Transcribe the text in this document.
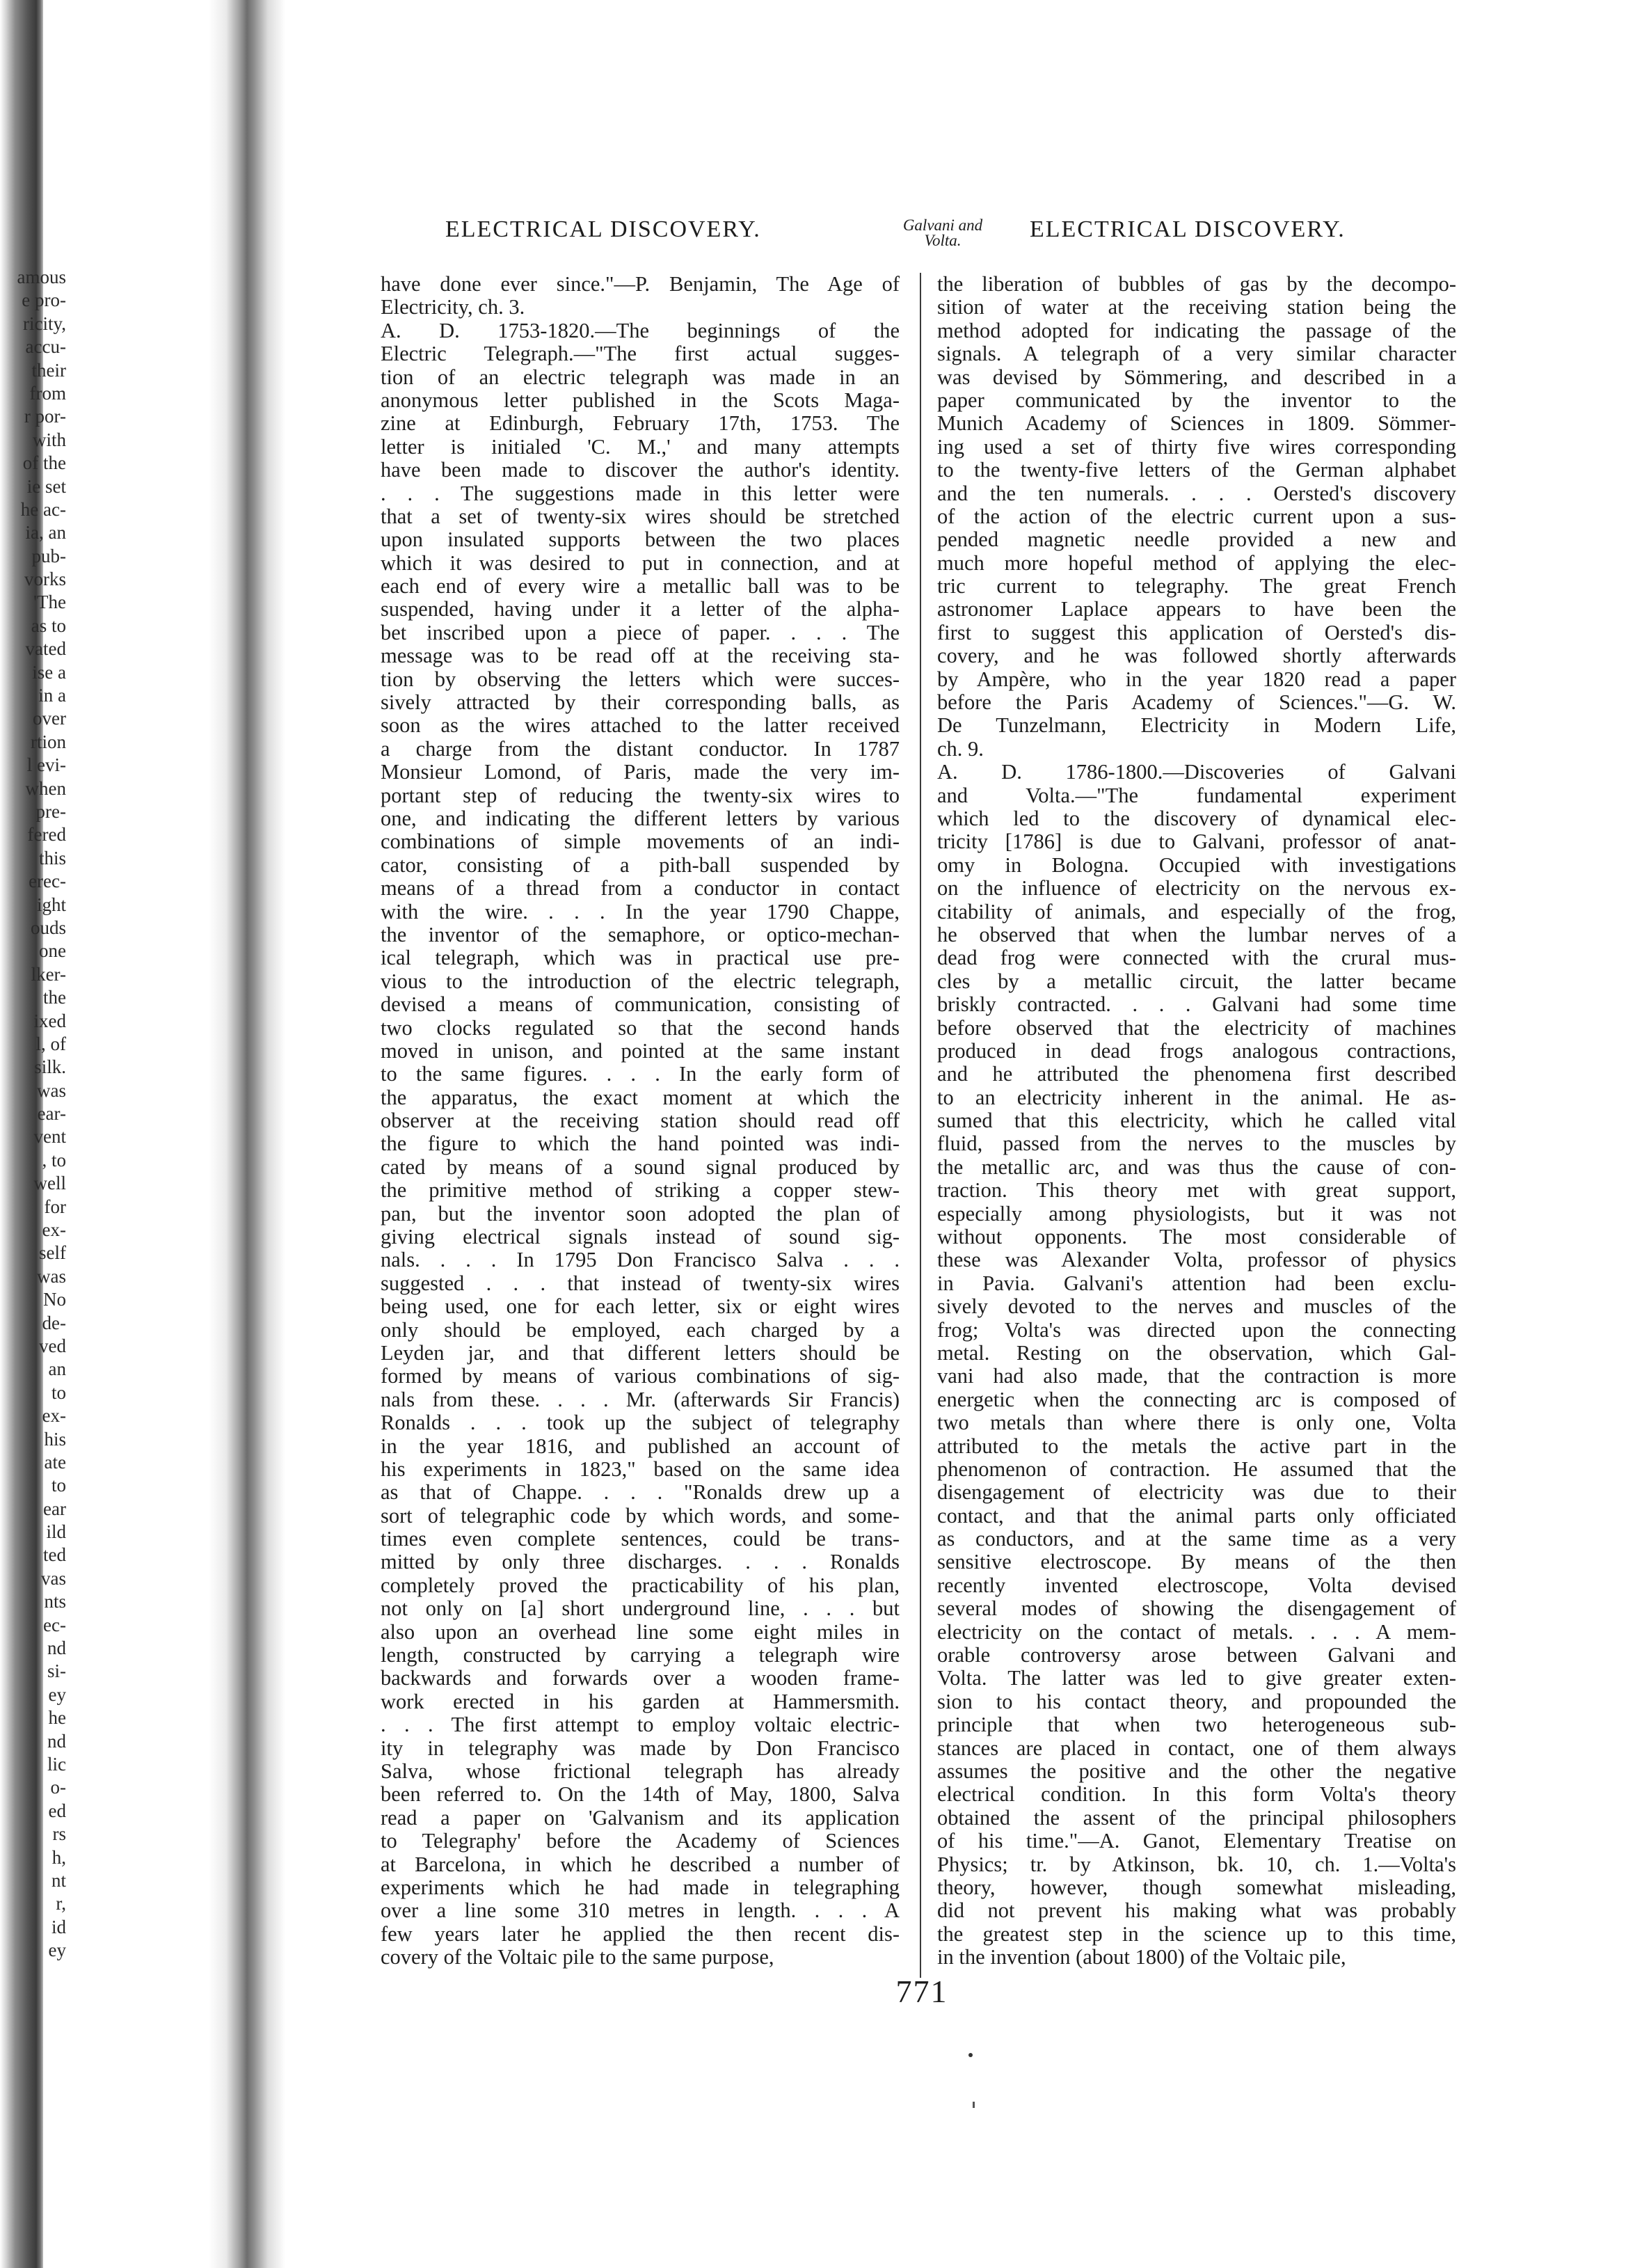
amous
e pro-
ricity,
accu-
their
from
r por-
with
of the
ie set
he ac-
ia, an
pub-
vorks
'The
as to
vated
ise a
in a
over
rtion
l evi-
when
pre-
fered
this
erec-
ight
ouds
one
lker-
the
ixed
l, of
silk.
was
ear-
vent
, to
well
for
ex-
self
was
No
de-
ved
an
to
ex-
his
ate
to
ear
ild
ted
vas
nts
ec-
nd
si-
ey
he
nd
lic
o-
ed
rs
h,
nt
r,
id
ey
ELECTRICAL DISCOVERY.	Galvani and
Volta.	ELECTRICAL DISCOVERY.
have done ever since."—P. Benjamin, The Age of
Electricity, ch. 3.
A. D. 1753-1820.—The beginnings of the
Electric Telegraph.—"The first actual sugges-
tion of an electric telegraph was made in an
anonymous letter published in the Scots Maga-
zine at Edinburgh, February 17th, 1753. The
letter is initialed 'C. M.,' and many attempts
have been made to discover the author's identity.
. . . The suggestions made in this letter were
that a set of twenty-six wires should be stretched
upon insulated supports between the two places
which it was desired to put in connection, and at
each end of every wire a metallic ball was to be
suspended, having under it a letter of the alpha-
bet inscribed upon a piece of paper. . . . The
message was to be read off at the receiving sta-
tion by observing the letters which were succes-
sively attracted by their corresponding balls, as
soon as the wires attached to the latter received
a charge from the distant conductor. In 1787
Monsieur Lomond, of Paris, made the very im-
portant step of reducing the twenty-six wires to
one, and indicating the different letters by various
combinations of simple movements of an indi-
cator, consisting of a pith-ball suspended by
means of a thread from a conductor in contact
with the wire. . . . In the year 1790 Chappe,
the inventor of the semaphore, or optico-mechan-
ical telegraph, which was in practical use pre-
vious to the introduction of the electric telegraph,
devised a means of communication, consisting of
two clocks regulated so that the second hands
moved in unison, and pointed at the same instant
to the same figures. . . . In the early form of
the apparatus, the exact moment at which the
observer at the receiving station should read off
the figure to which the hand pointed was indi-
cated by means of a sound signal produced by
the primitive method of striking a copper stew-
pan, but the inventor soon adopted the plan of
giving electrical signals instead of sound sig-
nals. . . . In 1795 Don Francisco Salva . . .
suggested . . . that instead of twenty-six wires
being used, one for each letter, six or eight wires
only should be employed, each charged by a
Leyden jar, and that different letters should be
formed by means of various combinations of sig-
nals from these. . . . Mr. (afterwards Sir Francis)
Ronalds . . . took up the subject of telegraphy
in the year 1816, and published an account of
his experiments in 1823," based on the same idea
as that of Chappe. . . . "Ronalds drew up a
sort of telegraphic code by which words, and some-
times even complete sentences, could be trans-
mitted by only three discharges. . . . Ronalds
completely proved the practicability of his plan,
not only on [a] short underground line, . . . but
also upon an overhead line some eight miles in
length, constructed by carrying a telegraph wire
backwards and forwards over a wooden frame-
work erected in his garden at Hammersmith.
. . . The first attempt to employ voltaic electric-
ity in telegraphy was made by Don Francisco
Salva, whose frictional telegraph has already
been referred to. On the 14th of May, 1800, Salva
read a paper on 'Galvanism and its application
to Telegraphy' before the Academy of Sciences
at Barcelona, in which he described a number of
experiments which he had made in telegraphing
over a line some 310 metres in length. . . . A
few years later he applied the then recent dis-
covery of the Voltaic pile to the same purpose,
the liberation of bubbles of gas by the decompo-
sition of water at the receiving station being the
method adopted for indicating the passage of the
signals. A telegraph of a very similar character
was devised by Sömmering, and described in a
paper communicated by the inventor to the
Munich Academy of Sciences in 1809. Sömmer-
ing used a set of thirty five wires corresponding
to the twenty-five letters of the German alphabet
and the ten numerals. . . . Oersted's discovery
of the action of the electric current upon a sus-
pended magnetic needle provided a new and
much more hopeful method of applying the elec-
tric current to telegraphy. The great French
astronomer Laplace appears to have been the
first to suggest this application of Oersted's dis-
covery, and he was followed shortly afterwards
by Ampère, who in the year 1820 read a paper
before the Paris Academy of Sciences."—G. W.
De Tunzelmann, Electricity in Modern Life,
ch. 9.
A. D. 1786-1800.—Discoveries of Galvani
and Volta.—"The fundamental experiment
which led to the discovery of dynamical elec-
tricity [1786] is due to Galvani, professor of anat-
omy in Bologna. Occupied with investigations
on the influence of electricity on the nervous ex-
citability of animals, and especially of the frog,
he observed that when the lumbar nerves of a
dead frog were connected with the crural mus-
cles by a metallic circuit, the latter became
briskly contracted. . . . Galvani had some time
before observed that the electricity of machines
produced in dead frogs analogous contractions,
and he attributed the phenomena first described
to an electricity inherent in the animal. He as-
sumed that this electricity, which he called vital
fluid, passed from the nerves to the muscles by
the metallic arc, and was thus the cause of con-
traction. This theory met with great support,
especially among physiologists, but it was not
without opponents. The most considerable of
these was Alexander Volta, professor of physics
in Pavia. Galvani's attention had been exclu-
sively devoted to the nerves and muscles of the
frog; Volta's was directed upon the connecting
metal. Resting on the observation, which Gal-
vani had also made, that the contraction is more
energetic when the connecting arc is composed of
two metals than where there is only one, Volta
attributed to the metals the active part in the
phenomenon of contraction. He assumed that the
disengagement of electricity was due to their
contact, and that the animal parts only officiated
as conductors, and at the same time as a very
sensitive electroscope. By means of the then
recently invented electroscope, Volta devised
several modes of showing the disengagement of
electricity on the contact of metals. . . . A mem-
orable controversy arose between Galvani and
Volta. The latter was led to give greater exten-
sion to his contact theory, and propounded the
principle that when two heterogeneous sub-
stances are placed in contact, one of them always
assumes the positive and the other the negative
electrical condition. In this form Volta's theory
obtained the assent of the principal philosophers
of his time."—A. Ganot, Elementary Treatise on
Physics; tr. by Atkinson, bk. 10, ch. 1.—Volta's
theory, however, though somewhat misleading,
did not prevent his making what was probably
the greatest step in the science up to this time,
in the invention (about 1800) of the Voltaic pile,
771
